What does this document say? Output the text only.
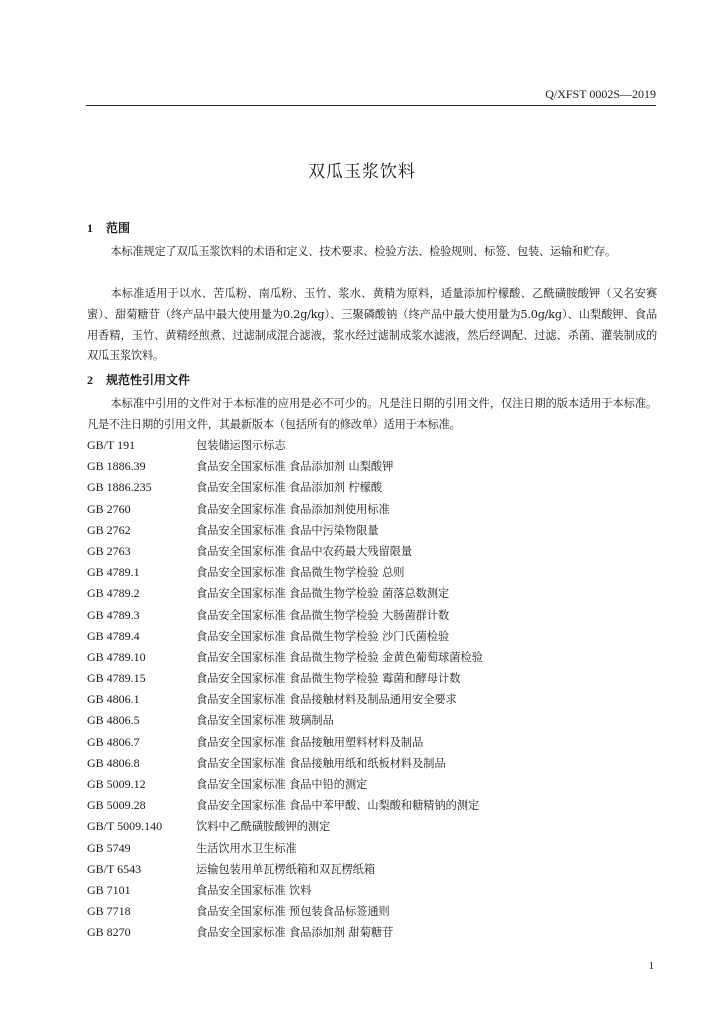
Q/XFST 0002S—2019
双瓜玉浆饮料
1 范围
本标准规定了双瓜玉浆饮料的术语和定义、技术要求、检验方法、检验规则、标签、包装、运输和贮存。
本标准适用于以水、苦瓜粉、南瓜粉、玉竹、浆水、黄精为原料，适量添加柠檬酸、乙酰磺胺酸钾（又名安赛蜜）、甜菊糖苷（终产品中最大使用量为0.2g/kg）、三聚磷酸钠（终产品中最大使用量为5.0g/kg）、山梨酸钾、食品用香精，玉竹、黄精经煎煮、过滤制成混合滤液，浆水经过滤制成浆水滤液，然后经调配、过滤、杀菌、灌装制成的双瓜玉浆饮料。
2 规范性引用文件
本标准中引用的文件对于本标准的应用是必不可少的。凡是注日期的引用文件，仅注日期的版本适用于本标准。凡是不注日期的引用文件，其最新版本（包括所有的修改单）适用于本标准。
GB/T 191	包装储运图示标志
GB 1886.39	食品安全国家标准 食品添加剂 山梨酸钾
GB 1886.235	食品安全国家标准 食品添加剂 柠檬酸
GB 2760	食品安全国家标准 食品添加剂使用标准
GB 2762	食品安全国家标准 食品中污染物限量
GB 2763	食品安全国家标准 食品中农药最大残留限量
GB 4789.1	食品安全国家标准 食品微生物学检验 总则
GB 4789.2	食品安全国家标准 食品微生物学检验 菌落总数测定
GB 4789.3	食品安全国家标准 食品微生物学检验 大肠菌群计数
GB 4789.4	食品安全国家标准 食品微生物学检验 沙门氏菌检验
GB 4789.10	食品安全国家标准 食品微生物学检验 金黄色葡萄球菌检验
GB 4789.15	食品安全国家标准 食品微生物学检验 霉菌和酵母计数
GB 4806.1	食品安全国家标准 食品接触材料及制品通用安全要求
GB 4806.5	食品安全国家标准 玻璃制品
GB 4806.7	食品安全国家标准 食品接触用塑料材料及制品
GB 4806.8	食品安全国家标准 食品接触用纸和纸板材料及制品
GB 5009.12	食品安全国家标准 食品中铅的测定
GB 5009.28	食品安全国家标准 食品中苯甲酸、山梨酸和糖精钠的测定
GB/T 5009.140	饮料中乙酰磺胺酸钾的测定
GB 5749	生活饮用水卫生标准
GB/T 6543	运输包装用单瓦楞纸箱和双瓦楞纸箱
GB 7101	食品安全国家标准 饮料
GB 7718	食品安全国家标准 预包装食品标签通则
GB 8270	食品安全国家标准 食品添加剂 甜菊糖苷
1
